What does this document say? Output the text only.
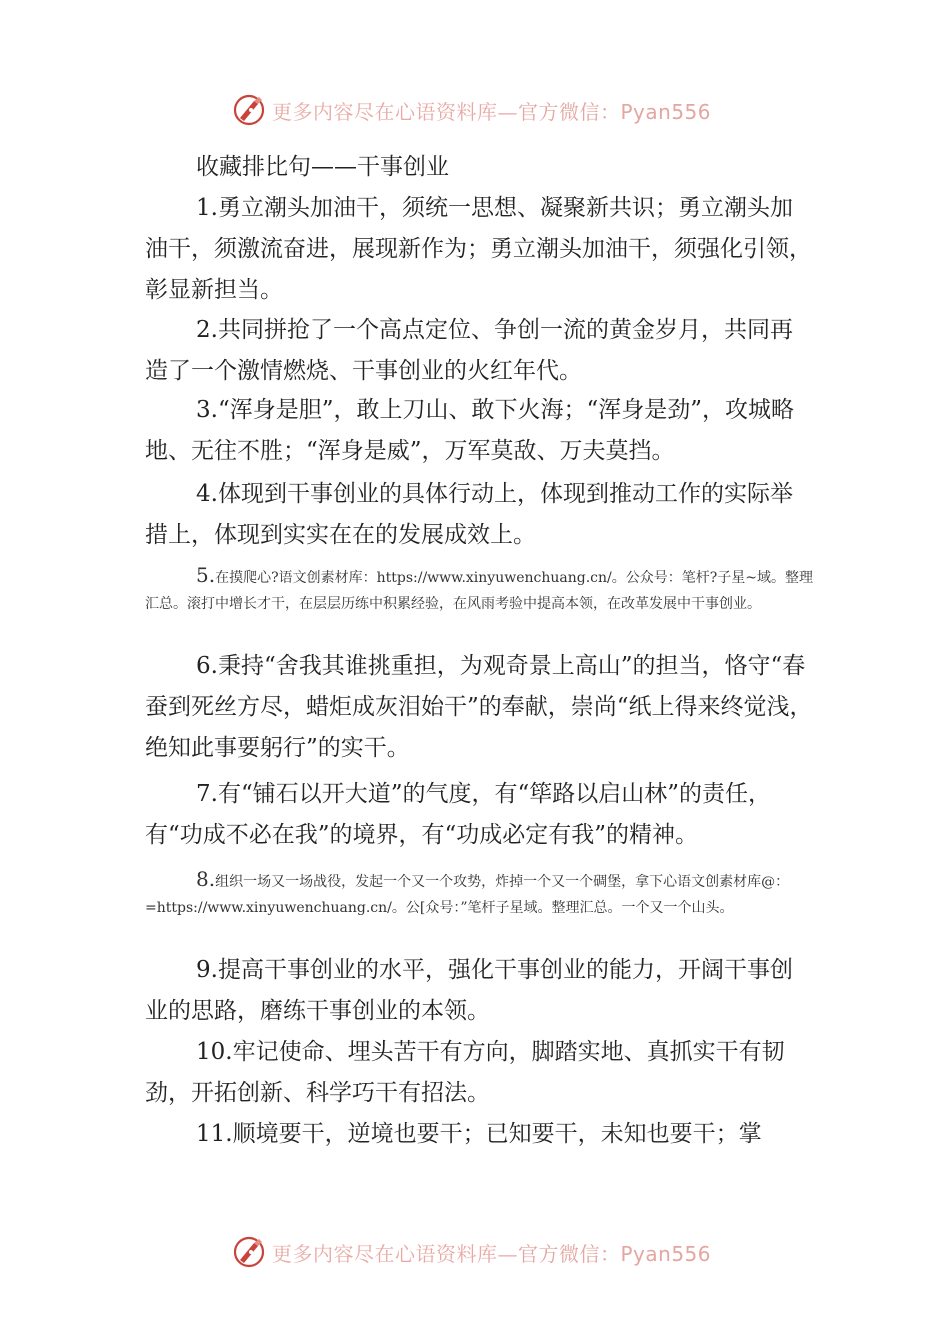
更多内容尽在心语资料库—官方微信：Pyan556
收藏排比句——干事创业
1.勇立潮头加油干，须统一思想、凝聚新共识；勇立潮头加油干，须激流奋进，展现新作为；勇立潮头加油干，须强化引领，彰显新担当。
2.共同拼抢了一个高点定位、争创一流的黄金岁月，共同再造了一个激情燃烧、干事创业的火红年代。
3.“浑身是胆”，敢上刀山、敢下火海；“浑身是劲”，攻城略地、无往不胜；“浑身是威”，万军莫敌、万夫莫挡。
4.体现到干事创业的具体行动上，体现到推动工作的实际举措上，体现到实实在在的发展成效上。
5.在摸爬心?语文创素材库：https://www.xinyuwenchuang.cn/。公众号：笔杆?子星~域。整理汇总。滚打中增长才干，在层层历练中积累经验，在风雨考验中提高本领，在改革发展中干事创业。
6.秉持“舍我其谁挑重担，为观奇景上高山”的担当，恪守“春蚕到死丝方尽，蜡炬成灰泪始干”的奉献，崇尚“纸上得来终觉浅，绝知此事要躬行”的实干。
7.有“铺石以开大道”的气度，有“筚路以启山林”的责任，有“功成不必在我”的境界，有“功成必定有我”的精神。
8.组织一场又一场战役，发起一个又一个攻势，炸掉一个又一个碉堡，拿下心语文创素材库@：=https://www.xinyuwenchuang.cn/。公[众号：”笔杆子星域。整理汇总。一个又一个山头。
9.提高干事创业的水平，强化干事创业的能力，开阔干事创业的思路，磨练干事创业的本领。
10.牢记使命、埋头苦干有方向，脚踏实地、真抓实干有韧劲，开拓创新、科学巧干有招法。
11.顺境要干，逆境也要干；已知要干，未知也要干；掌
更多内容尽在心语资料库—官方微信：Pyan556
